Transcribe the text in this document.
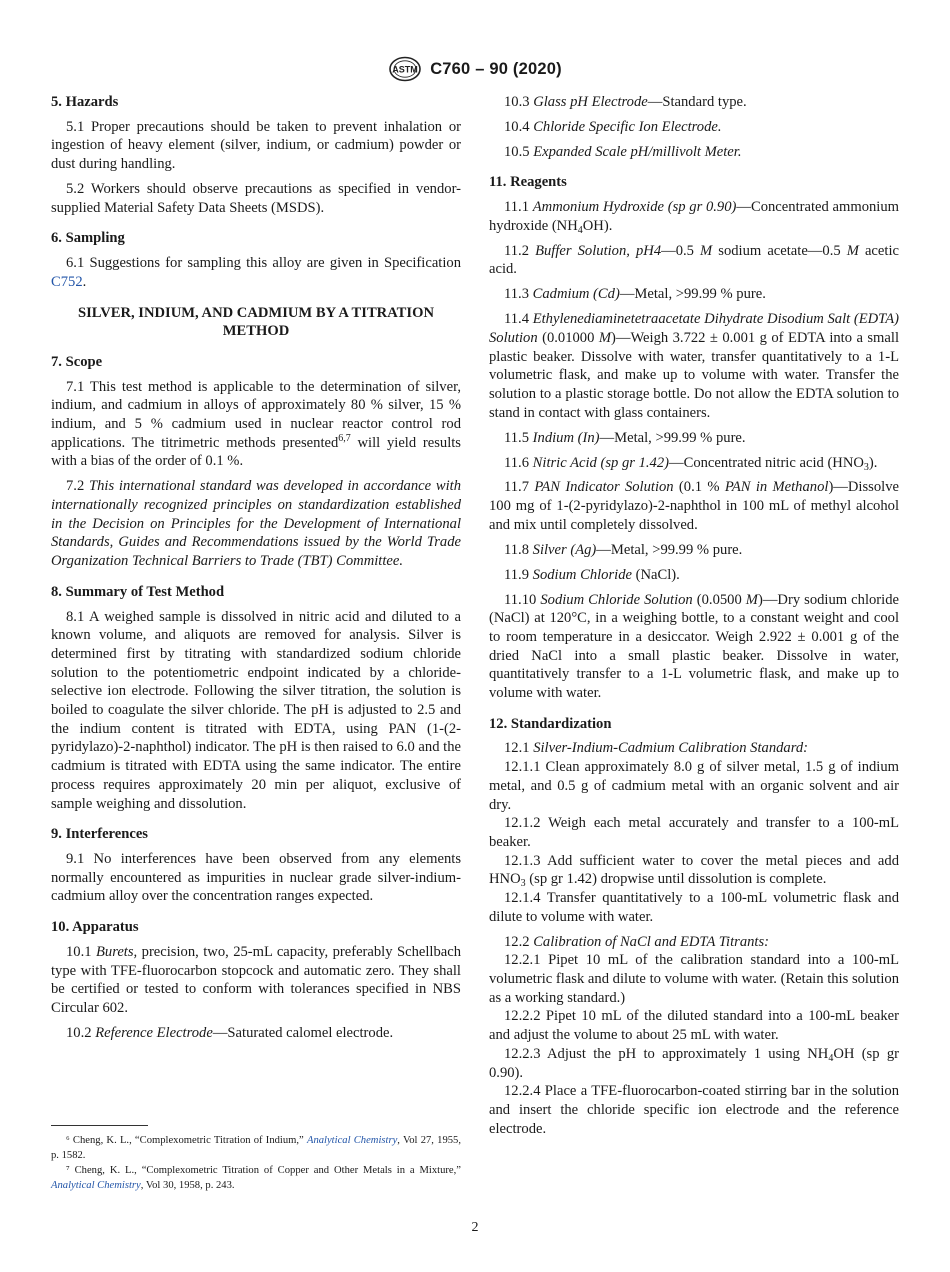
ASTM C760 – 90 (2020)
5. Hazards

5.1 Proper precautions should be taken to prevent inhalation or ingestion of heavy element (silver, indium, or cadmium) powder or dust during handling.

5.2 Workers should observe precautions as specified in vendor-supplied Material Safety Data Sheets (MSDS).

6. Sampling

6.1 Suggestions for sampling this alloy are given in Specification C752.

SILVER, INDIUM, AND CADMIUM BY A TITRATION METHOD

7. Scope

7.1 This test method is applicable to the determination of silver, indium, and cadmium in alloys of approximately 80 % silver, 15 % indium, and 5 % cadmium used in nuclear reactor control rod applications. The titrimetric methods presented$^{6,7}$ will yield results with a bias of the order of 0.1 %.

7.2 This international standard was developed in accordance with internationally recognized principles on standardization established in the Decision on Principles for the Development of International Standards, Guides and Recommendations issued by the World Trade Organization Technical Barriers to Trade (TBT) Committee.

8. Summary of Test Method

8.1 A weighed sample is dissolved in nitric acid and diluted to a known volume, and aliquots are removed for analysis. Silver is determined first by titrating with standardized sodium chloride solution to the potentiometric endpoint indicated by a chloride-selective ion electrode. Following the silver titration, the solution is boiled to coagulate the silver chloride. The pH is adjusted to 2.5 and the indium content is titrated with EDTA, using PAN (1-(2-pyridylazo)-2-naphthol) indicator. The pH is then raised to 6.0 and the cadmium is titrated with EDTA using the same indicator. The entire process requires approximately 20 min per aliquot, exclusive of sample weighing and dissolution.

9. Interferences

9.1 No interferences have been observed from any elements normally encountered as impurities in nuclear grade silver-indium-cadmium alloy over the concentration ranges expected.

10. Apparatus

10.1 Burets, precision, two, 25-mL capacity, preferably Schellbach type with TFE-fluorocarbon stopcock and automatic zero. They shall be certified or tested to conform with tolerances specified in NBS Circular 602.

10.2 Reference Electrode—Saturated calomel electrode.

⁶ Cheng, K. L., “Complexometric Titration of Indium,” Analytical Chemistry, Vol 27, 1955, p. 1582.

⁷ Cheng, K. L., “Complexometric Titration of Copper and Other Metals in a Mixture,” Analytical Chemistry, Vol 30, 1958, p. 243.

10.3 Glass pH Electrode—Standard type.

10.4 Chloride Specific Ion Electrode.

10.5 Expanded Scale pH/millivolt Meter.

11. Reagents

11.1 Ammonium Hydroxide (sp gr 0.90)—Concentrated ammonium hydroxide $(NH_4OH)$.

11.2 Buffer Solution, pH4—0.5 M sodium acetate—0.5 M acetic acid.

11.3 Cadmium (Cd)—Metal, >99.99 % pure.

11.4 Ethylenediaminetetraacetate Dihydrate Disodium Salt (EDTA) Solution (0.01000 M)—Weigh 3.722 ± 0.001 g of EDTA into a small plastic beaker. Dissolve with water, transfer quantitatively to a 1-L volumetric flask, and make up to volume with water. Transfer the solution to a plastic storage bottle. Do not allow the EDTA solution to stand in contact with glass containers.

11.5 Indium (In)—Metal, >99.99 % pure.

11.6 Nitric Acid (sp gr 1.42)—Concentrated nitric acid $(HNO_3)$.

11.7 PAN Indicator Solution (0.1 % PAN in Methanol)—Dissolve 100 mg of 1-(2-pyridylazo)-2-naphthol in 100 mL of methyl alcohol and mix until completely dissolved.

11.8 Silver (Ag)—Metal, >99.99 % pure.

11.9 Sodium Chloride (NaCl).

11.10 Sodium Chloride Solution (0.0500 M)—Dry sodium chloride (NaCl) at 120°C, in a weighing bottle, to a constant weight and cool to room temperature in a desiccator. Weigh 2.922 ± 0.001 g of the dried NaCl into a small plastic beaker. Dissolve in water, quantitatively transfer to a 1-L volumetric flask, and make up to volume with water.

12. Standardization

12.1 Silver-Indium-Cadmium Calibration Standard:

12.1.1 Clean approximately 8.0 g of silver metal, 1.5 g of indium metal, and 0.5 g of cadmium metal with an organic solvent and air dry.

12.1.2 Weigh each metal accurately and transfer to a 100-mL beaker.

12.1.3 Add sufficient water to cover the metal pieces and add $HNO_3$ (sp gr 1.42) dropwise until dissolution is complete.

12.1.4 Transfer quantitatively to a 100-mL volumetric flask and dilute to volume with water.

12.2 Calibration of NaCl and EDTA Titrants:

12.2.1 Pipet 10 mL of the calibration standard into a 100-mL volumetric flask and dilute to volume with water. (Retain this solution as a working standard.)

12.2.2 Pipet 10 mL of the diluted standard into a 100-mL beaker and adjust the volume to about 25 mL with water.

12.2.3 Adjust the pH to approximately 1 using $NH_4OH$ (sp gr 0.90).

12.2.4 Place a TFE-fluorocarbon-coated stirring bar in the solution and insert the chloride specific ion electrode and the reference electrode.

2
